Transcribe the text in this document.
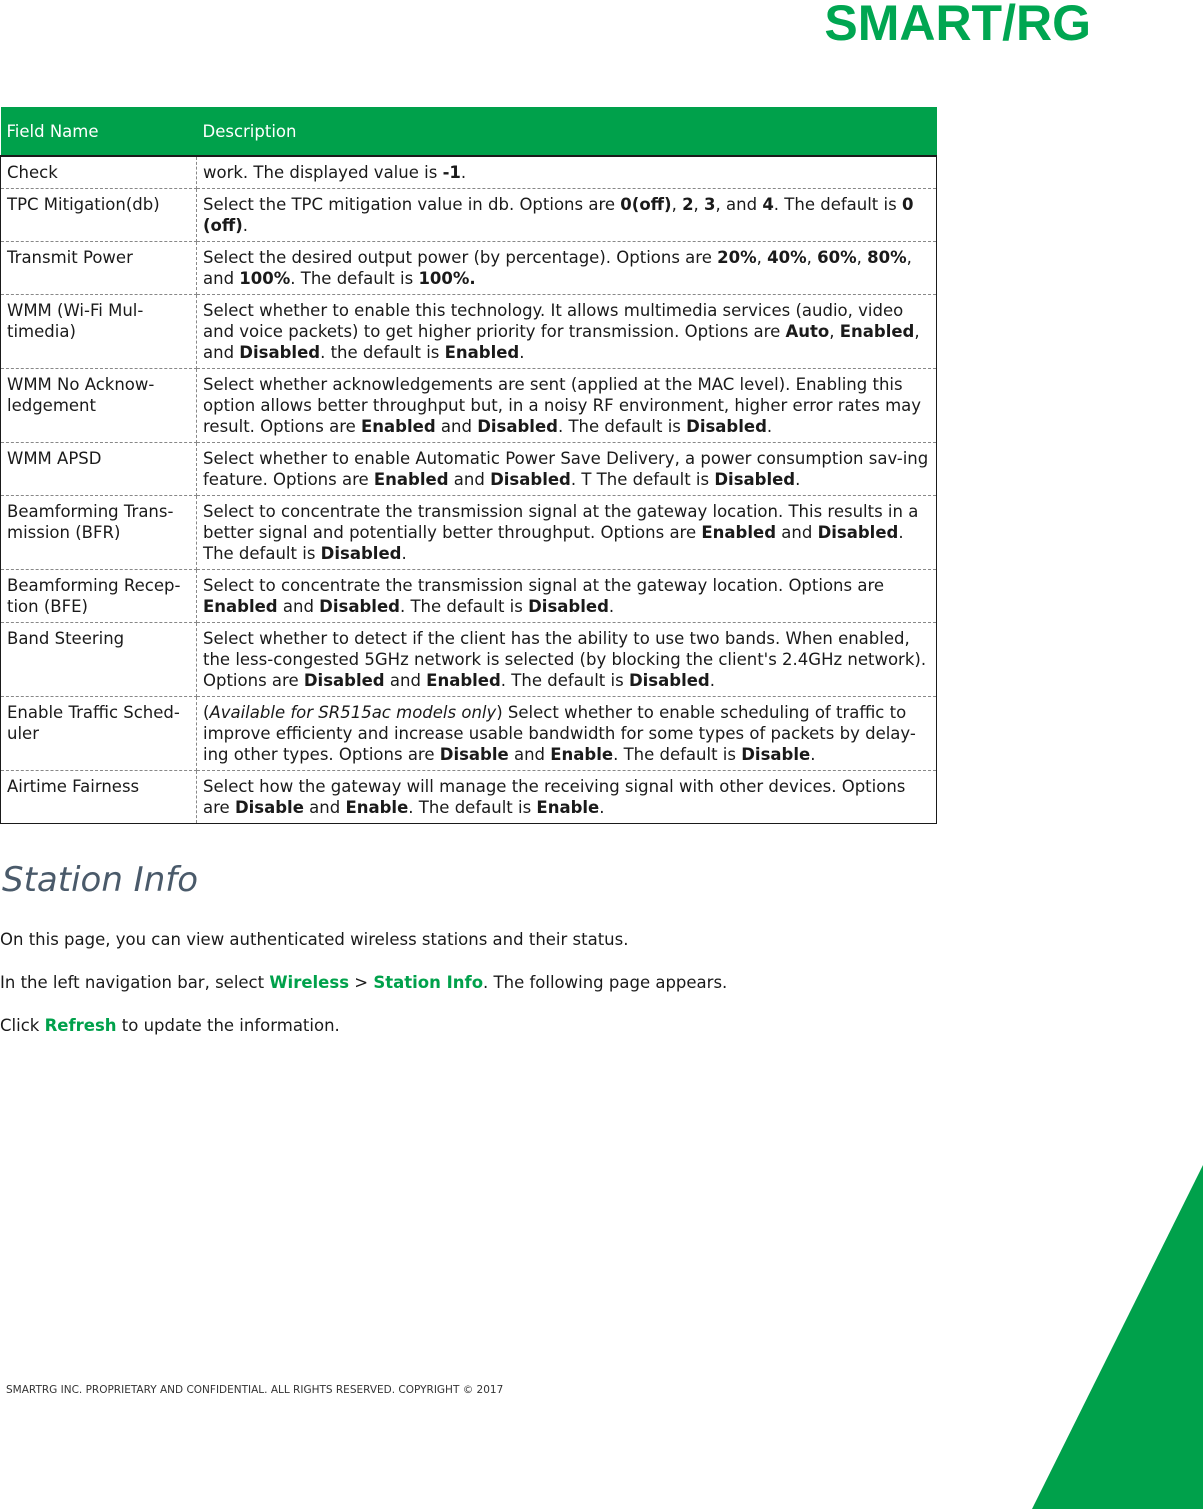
SMART/RG
Field Name	Description
Check	work. The displayed value is -1.
TPC Mitigation(db)	Select the TPC mitigation value in db. Options are 0(off), 2, 3, and 4. The default is 0 (off).
Transmit Power	Select the desired output power (by percentage). Options are 20%, 40%, 60%, 80%, and 100%. The default is 100%.
WMM (Wi-Fi Mul-timedia)	Select whether to enable this technology. It allows multimedia services (audio, video and voice packets) to get higher priority for transmission. Options are Auto, Enabled, and Disabled. the default is Enabled.
WMM No Acknow-ledgement	Select whether acknowledgements are sent (applied at the MAC level). Enabling this option allows better throughput but, in a noisy RF environment, higher error rates may result. Options are Enabled and Disabled. The default is Disabled.
WMM APSD	Select whether to enable Automatic Power Save Delivery, a power consumption sav-ing feature. Options are Enabled and Disabled. T The default is Disabled.
Beamforming Trans-mission (BFR)	Select to concentrate the transmission signal at the gateway location. This results in a better signal and potentially better throughput. Options are Enabled and Disabled. The default is Disabled.
Beamforming Recep-tion (BFE)	Select to concentrate the transmission signal at the gateway location. Options are Enabled and Disabled. The default is Disabled.
Band Steering	Select whether to detect if the client has the ability to use two bands. When enabled, the less-congested 5GHz network is selected (by blocking the client's 2.4GHz network). Options are Disabled and Enabled. The default is Disabled.
Enable Traffic Sched-uler	(Available for SR515ac models only) Select whether to enable scheduling of traffic to improve efficienty and increase usable bandwidth for some types of packets by delay-ing other types. Options are Disable and Enable. The default is Disable.
Airtime Fairness	Select how the gateway will manage the receiving signal with other devices. Options are Disable and Enable. The default is Enable.
Station Info

On this page, you can view authenticated wireless stations and their status.

In the left navigation bar, select Wireless > Station Info. The following page appears.

Click Refresh to update the information.

SMARTRG INC. PROPRIETARY AND CONFIDENTIAL. ALL RIGHTS RESERVED. COPYRIGHT © 2017
